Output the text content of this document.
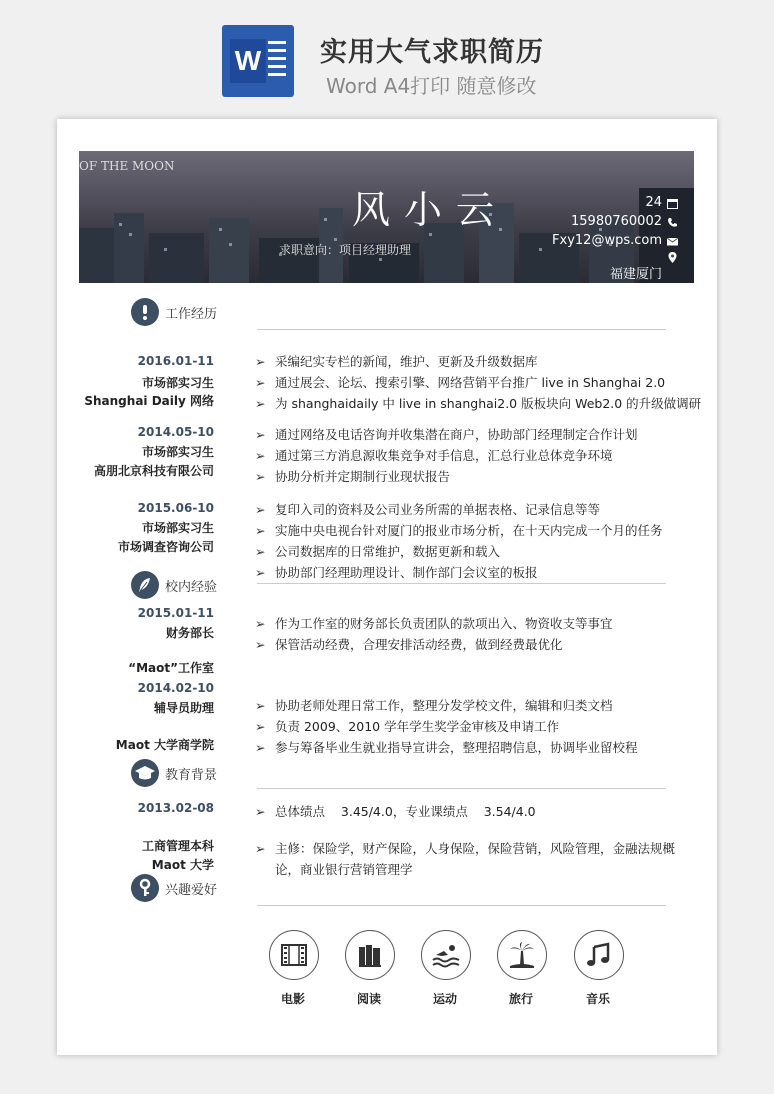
W 实用大气求职简历
Word A4打印 随意修改
OF THE MOON
风小云
求职意向：项目经理助理
24
15980760002
Fxy12@wps.com
福建厦门
工作经历
2016.01-11
市场部实习生
Shanghai Daily 网络
➢ 采编纪实专栏的新闻，维护、更新及升级数据库
➢ 通过展会、论坛、搜索引擎、网络营销平台推广 live in Shanghai 2.0
➢ 为 shanghaidaily 中 live in shanghai2.0 版板块向 Web2.0 的升级做调研
2014.05-10
市场部实习生
高朋北京科技有限公司
➢ 通过网络及电话咨询并收集潜在商户，协助部门经理制定合作计划
➢ 通过第三方消息源收集竞争对手信息，汇总行业总体竞争环境
➢ 协助分析并定期制行业现状报告
2015.06-10
市场部实习生
市场调查咨询公司
➢ 复印入司的资料及公司业务所需的单据表格、记录信息等等
➢ 实施中央电视台针对厦门的报业市场分析，在十天内完成一个月的任务
➢ 公司数据库的日常维护，数据更新和载入
➢ 协助部门经理助理设计、制作部门会议室的板报
校内经验
2015.01-11
财务部长
“Maot”工作室
➢ 作为工作室的财务部长负责团队的款项出入、物资收支等事宜
➢ 保管活动经费，合理安排活动经费，做到经费最优化
2014.02-10
辅导员助理
Maot 大学商学院
➢ 协助老师处理日常工作，整理分发学校文件，编辑和归类文档
➢ 负责 2009、2010 学年学生奖学金审核及申请工作
➢ 参与筹备毕业生就业指导宣讲会，整理招聘信息，协调毕业留校程
教育背景
2013.02-08
工商管理本科
Maot 大学
➢ 总体绩点    3.45/4.0，专业课绩点    3.54/4.0
➢ 主修：保险学，财产保险，人身保险，保险营销，风险管理，金融法规概
论，商业银行营销管理学
兴趣爱好
电影	阅读	运动	旅行	音乐
